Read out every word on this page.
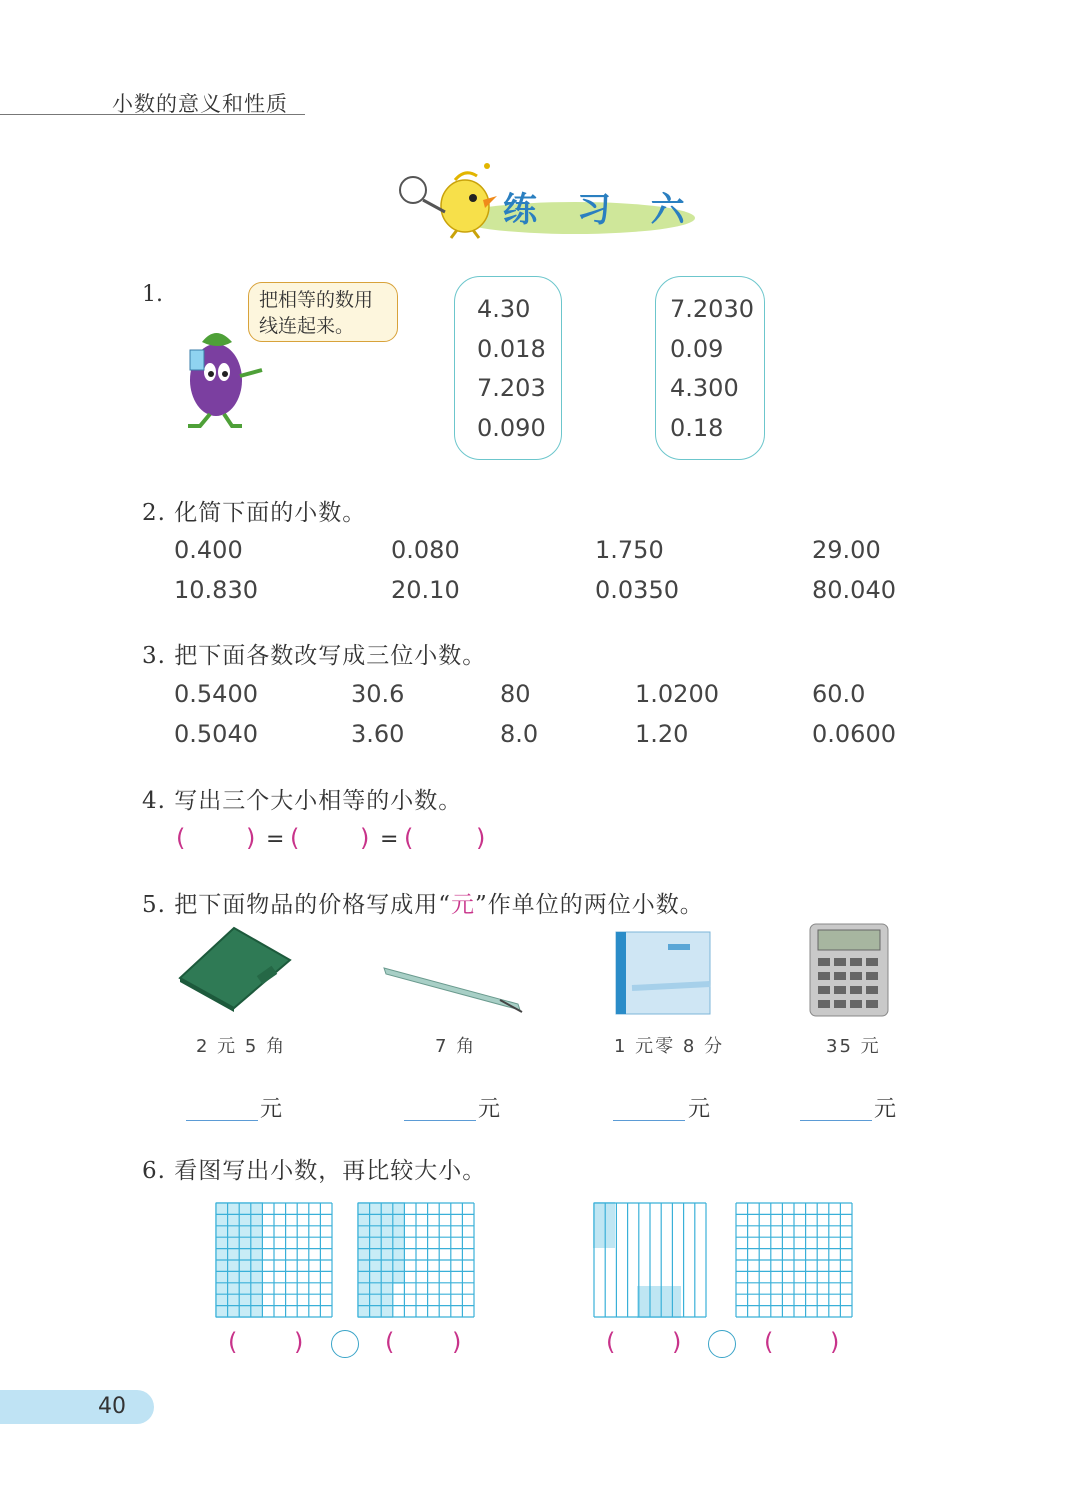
小数的意义和性质
练 习 六
1.	把相等的数用
线连起来。
4.30
0.018
7.203
0.090
7.2030
0.09
4.300
0.18
2. 化简下面的小数。
0.400	0.080	1.750	29.00
10.830	20.10	0.0350	80.040
3. 把下面各数改写成三位小数。
0.5400	30.6	80	1.0200	60.0
0.5040	3.60	8.0	1.20	0.0600
4. 写出三个大小相等的小数。
(	) = (	) = (	)
5. 把下面物品的价格写成用“元”作单位的两位小数。
2 元 5 角	7 角	1 元零 8 分	35 元
元	元	元	元
6. 看图写出小数，再比较大小。
( )	( )	( )	( )
40
